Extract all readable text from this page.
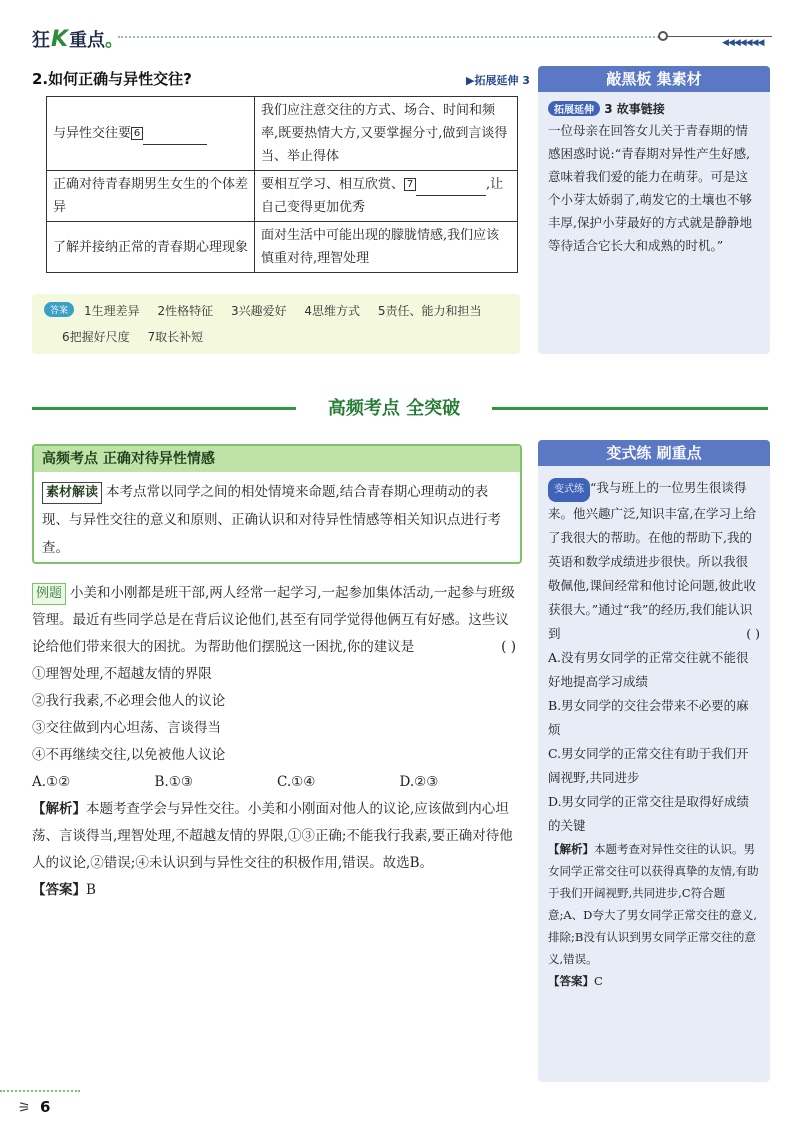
狂 K 重点 。	◀◀◀◀◀◀◀
2.如何正确与异性交往?	▶拓展延伸 3
与异性交往要 6	我们应注意交往的方式、场合、时间和频率,既要热情大方,又要掌握分寸,做到言谈得当、举止得体
正确对待青春期男生女生的个体差异	要相互学习、相互欣赏、 7 ,让自己变得更加优秀
了解并接纳正常的青春期心理现象	面对生活中可能出现的朦胧情感,我们应该慎重对待,理智处理
答案	1生理差异 2性格特征 3兴趣爱好 4思维方式 5责任、能力和担当
6把握好尺度 7取长补短
敲黑板 集素材
拓展延伸 3 故事链接
一位母亲在回答女儿关于青春期的情感困惑时说:“青春期对异性产生好感,意味着我们爱的能力在萌芽。可是这个小芽太娇弱了,萌发它的土壤也不够丰厚,保护小芽最好的方式就是静静地等待适合它长大和成熟的时机。”
高频考点 全突破
高频考点 正确对待异性情感
素材解读 本考点常以同学之间的相处情境来命题,结合青春期心理萌动的表现、与异性交往的意义和原则、正确认识和对待异性情感等相关知识点进行考查。
例题 小美和小刚都是班干部,两人经常一起学习,一起参加集体活动,一起参与班级管理。最近有些同学总是在背后议论他们,甚至有同学觉得他俩互有好感。这些议论给他们带来很大的困扰。为帮助他们摆脱这一困扰,你的建议是	( )
①理智处理,不超越友情的界限
②我行我素,不必理会他人的议论
③交往做到内心坦荡、言谈得当
④不再继续交往,以免被他人议论
A.①②	B.①③	C.①④	D.②③
【解析】本题考查学会与异性交往。小美和小刚面对他人的议论,应该做到内心坦荡、言谈得当,理智处理,不超越友情的界限,①③正确;不能我行我素,要正确对待他人的议论,②错误;④未认识到与异性交往的积极作用,错误。故选B。
【答案】B
变式练 刷重点
变式练 “我与班上的一位男生很谈得来。他兴趣广泛,知识丰富,在学习上给了我很大的帮助。在他的帮助下,我的英语和数学成绩进步很快。所以我很敬佩他,课间经常和他讨论问题,彼此收获很大。”通过“我”的经历,我们能认识到	( )
A.没有男女同学的正常交往就不能很好地提高学习成绩
B.男女同学的交往会带来不必要的麻烦
C.男女同学的正常交往有助于我们开阔视野,共同进步
D.男女同学的正常交往是取得好成绩的关键
【解析】本题考查对异性交往的认识。男女同学正常交往可以获得真挚的友情,有助于我们开阔视野,共同进步,C符合题意;A、D夸大了男女同学正常交往的意义,排除;B没有认识到男女同学正常交往的意义,错误。
【答案】C
⚞ 6
